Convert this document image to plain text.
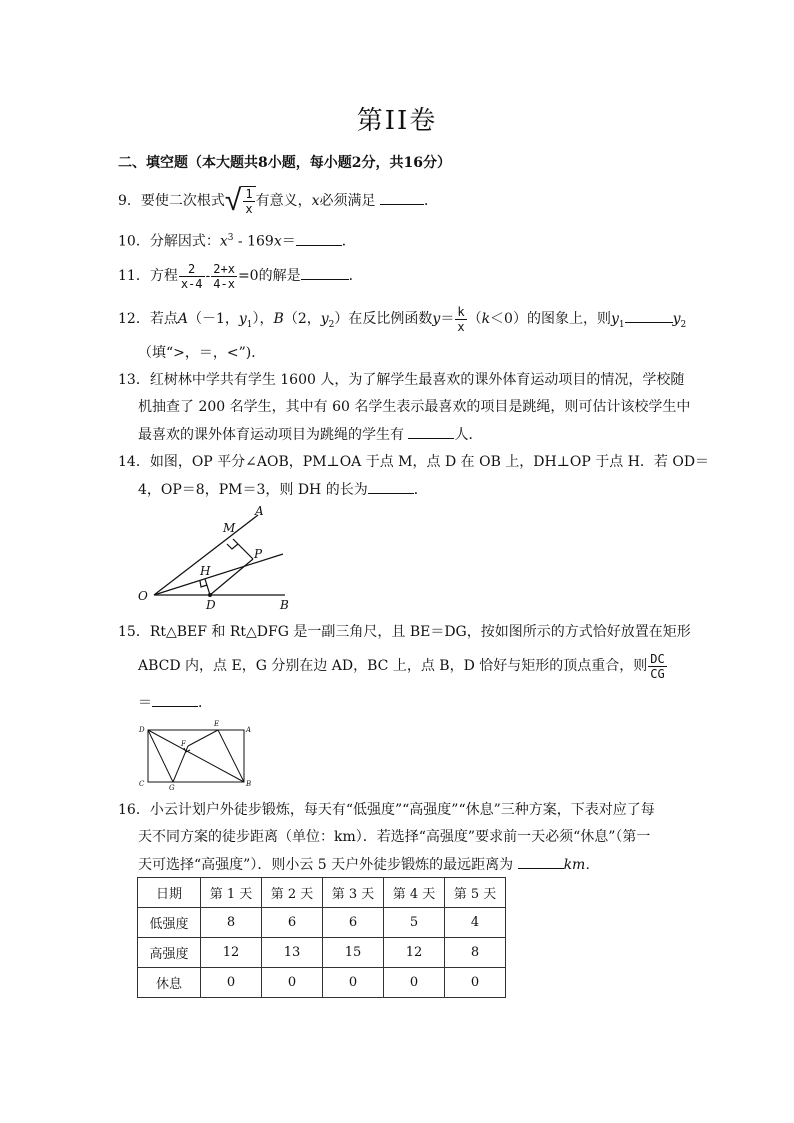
第II卷
二、填空题（本大题共8小题，每小题2分，共16分）
9．要使二次根式 √ $\frac{1}{x}$ 有意义，x必须满足	．
10．分解因式：$x^3 - 169x=$	．
11．方程 $\frac{2}{x-4} - \frac{2+x}{4-x} =0$的解是	．
12．若点A（－1，$y_1$），B（2，$y_2$）在反比例函数$y= \frac{k}{x} (k<0)$的图象上，则$y_1$	$y_2$
（填“>，＝，<”)．
13．红树林中学共有学生 1600 人，为了解学生最喜欢的课外体育运动项目的情况，学校随
机抽查了 200 名学生，其中有 60 名学生表示最喜欢的项目是跳绳，则可估计该校学生中
最喜欢的课外体育运动项目为跳绳的学生有	人．
14．如图，OP 平分∠AOB，PM⊥OA 于点 M，点 D 在 OB 上，DH⊥OP 于点 H．若 OD＝
4，OP＝8，PM＝3，则 DH 的长为	．
A
M
P
H
O
D	B
15．Rt△BEF 和 Rt△DFG 是一副三角尺，且 BE＝DG，按如图所示的方式恰好放置在矩形
ABCD 内，点 E，G 分别在边 AD，BC 上，点 B，D 恰好与矩形的顶点重合，则 $\frac{DC}{CG}$
＝	．
D
E
A
F
C	G	B
16．小云计划户外徒步锻炼，每天有“低强度”“高强度”“休息”三种方案，下表对应了每
天不同方案的徒步距离（单位：km）．若选择“高强度”要求前一天必须“休息”（第一
天可选择“高强度”）．则小云 5 天户外徒步锻炼的最远距离为	km．
日期	第 1 天	第 2 天	第 3 天	第 4 天	第 5 天
低强度	8	6	6	5	4
高强度	12	13	15	12	8
休息	0	0	0	0	0
